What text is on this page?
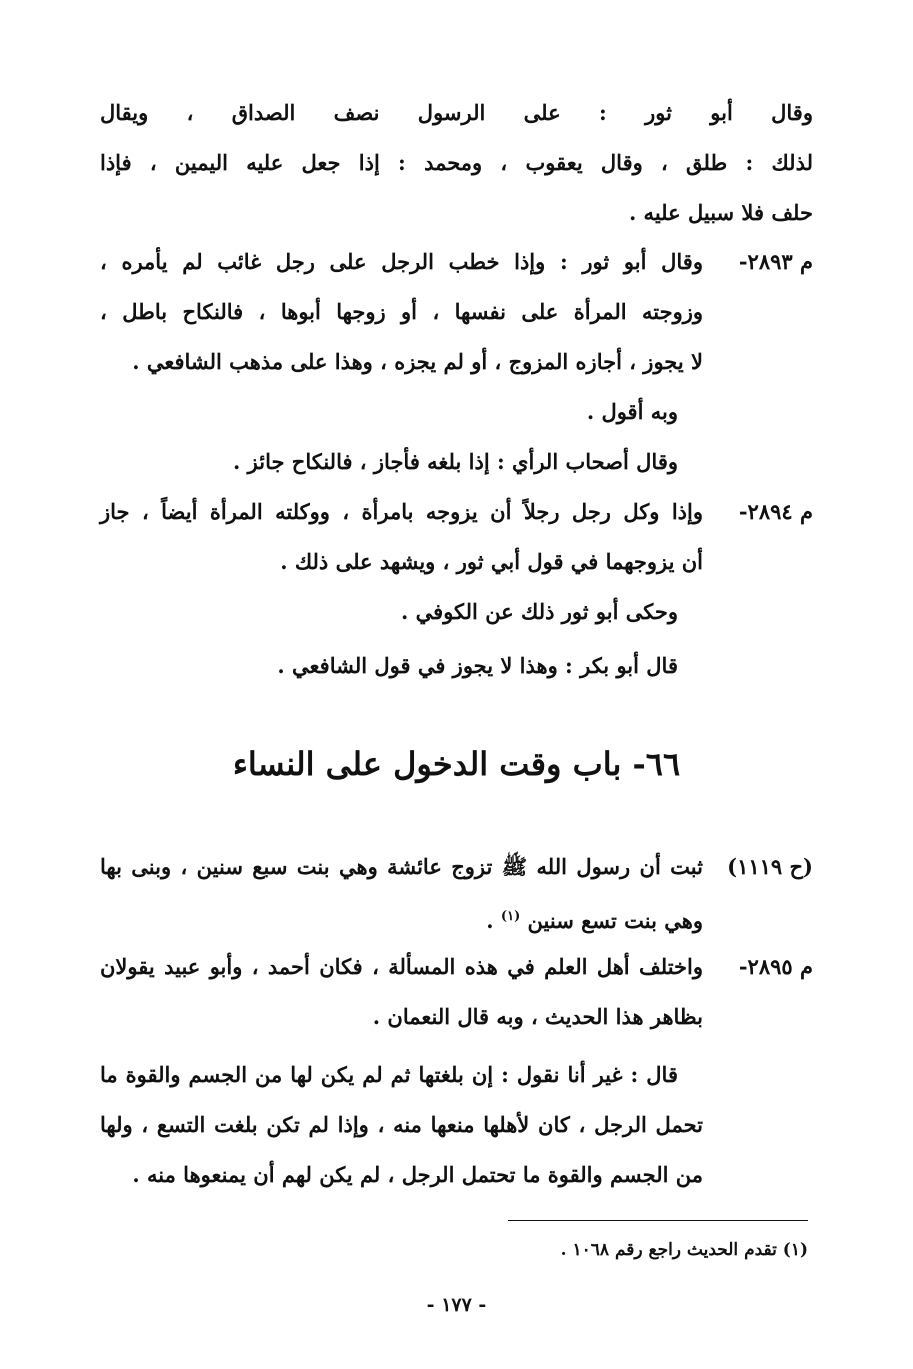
وقال أبو ثور : على الرسول نصف الصداق ، ويقال
لذلك : طلق ، وقال يعقوب ، ومحمد : إذا جعل عليه اليمين ، فإذا
حلف فلا سبيل عليه .
م ٢٨٩٣-
وقال أبو ثور : وإذا خطب الرجل على رجل غائب لم يأمره ،
وزوجته المرأة على نفسها ، أو زوجها أبوها ، فالنكاح باطل ،
لا يجوز ، أجازه المزوج ، أو لم يجزه ، وهذا على مذهب الشافعي .
وبه أقول .
وقال أصحاب الرأي : إذا بلغه فأجاز ، فالنكاح جائز .
م ٢٨٩٤-
وإذا وكل رجل رجلاً أن يزوجه بامرأة ، ووكلته المرأة أيضاً ، جاز
أن يزوجهما في قول أبي ثور ، ويشهد على ذلك .
وحكى أبو ثور ذلك عن الكوفي .
قال أبو بكر : وهذا لا يجوز في قول الشافعي .
٦٦- باب وقت الدخول على النساء
(ح ١١١٩)
ثبت أن رسول الله ﷺ تزوج عائشة وهي بنت سبع سنين ، وبنى بها
وهي بنت تسع سنين $^{(١)}$ .
م ٢٨٩٥-
واختلف أهل العلم في هذه المسألة ، فكان أحمد ، وأبو عبيد يقولان
بظاهر هذا الحديث ، وبه قال النعمان .
قال : غير أنا نقول : إن بلغتها ثم لم يكن لها من الجسم والقوة ما
تحمل الرجل ، كان لأهلها منعها منه ، وإذا لم تكن بلغت التسع ، ولها
من الجسم والقوة ما تحتمل الرجل ، لم يكن لهم أن يمنعوها منه .
(١) تقدم الحديث راجع رقم ١٠٦٨ .
- ١٧٧ -
